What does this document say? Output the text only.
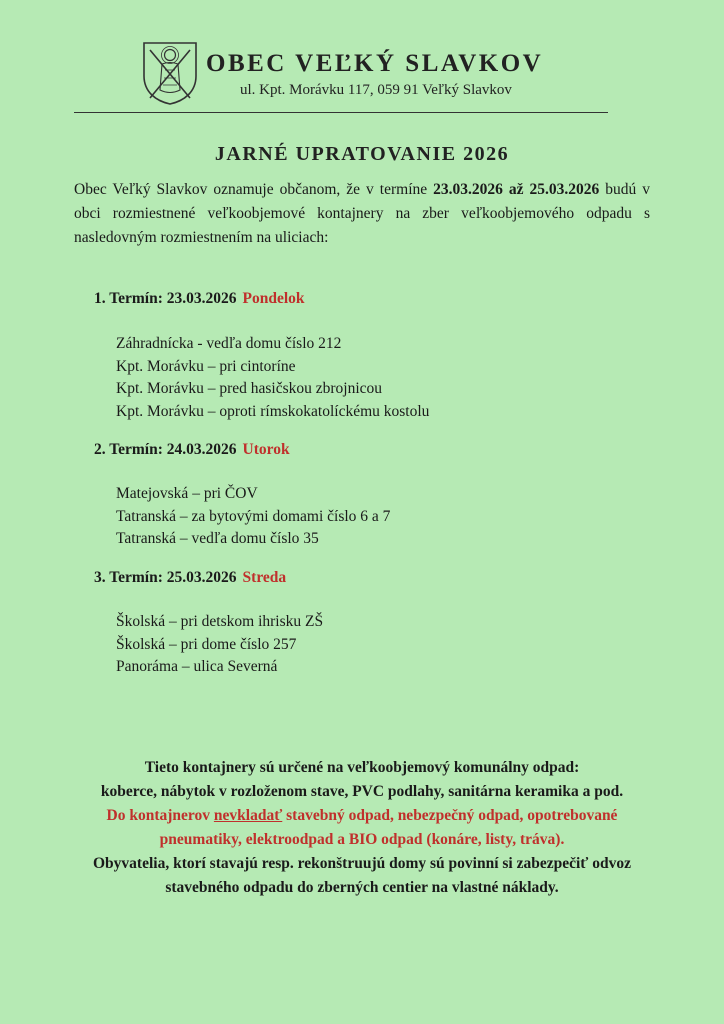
OBEC VEĽKÝ SLAVKOV
ul. Kpt. Morávku 117, 059 91 Veľký Slavkov
JARNÉ UPRATOVANIE 2026
Obec Veľký Slavkov oznamuje občanom, že v termíne 23.03.2026 až 25.03.2026 budú v obci rozmiestnené veľkoobjemové kontajnery na zber veľkoobjemového odpadu s nasledovným rozmiestnením na uliciach:
1. Termín: 23.03.2026 Pondelok
Záhradnícka - vedľa domu číslo 212
Kpt. Morávku – pri cintoríne
Kpt. Morávku – pred hasičskou zbrojnicou
Kpt. Morávku – oproti rímskokatolíckému kostolu
2. Termín: 24.03.2026 Utorok
Matejovská – pri ČOV
Tatranská – za bytovými domami číslo 6 a 7
Tatranská – vedľa domu číslo 35
3. Termín: 25.03.2026 Streda
Školská – pri detskom ihrisku ZŠ
Školská – pri dome číslo 257
Panoráma – ulica Severná
Tieto kontajnery sú určené na veľkoobjemový komunálny odpad:
koberce, nábytok v rozloženom stave, PVC podlahy, sanitárna keramika a pod.
Do kontajnerov nevkladať stavebný odpad, nebezpečný odpad, opotrebované
pneumatiky, elektroodpad a BIO odpad (konáre, listy, tráva).
Obyvatelia, ktorí stavajú resp. rekonštruujú domy sú povinní si zabezpečiť odvoz
stavebného odpadu do zberných centier na vlastné náklady.
